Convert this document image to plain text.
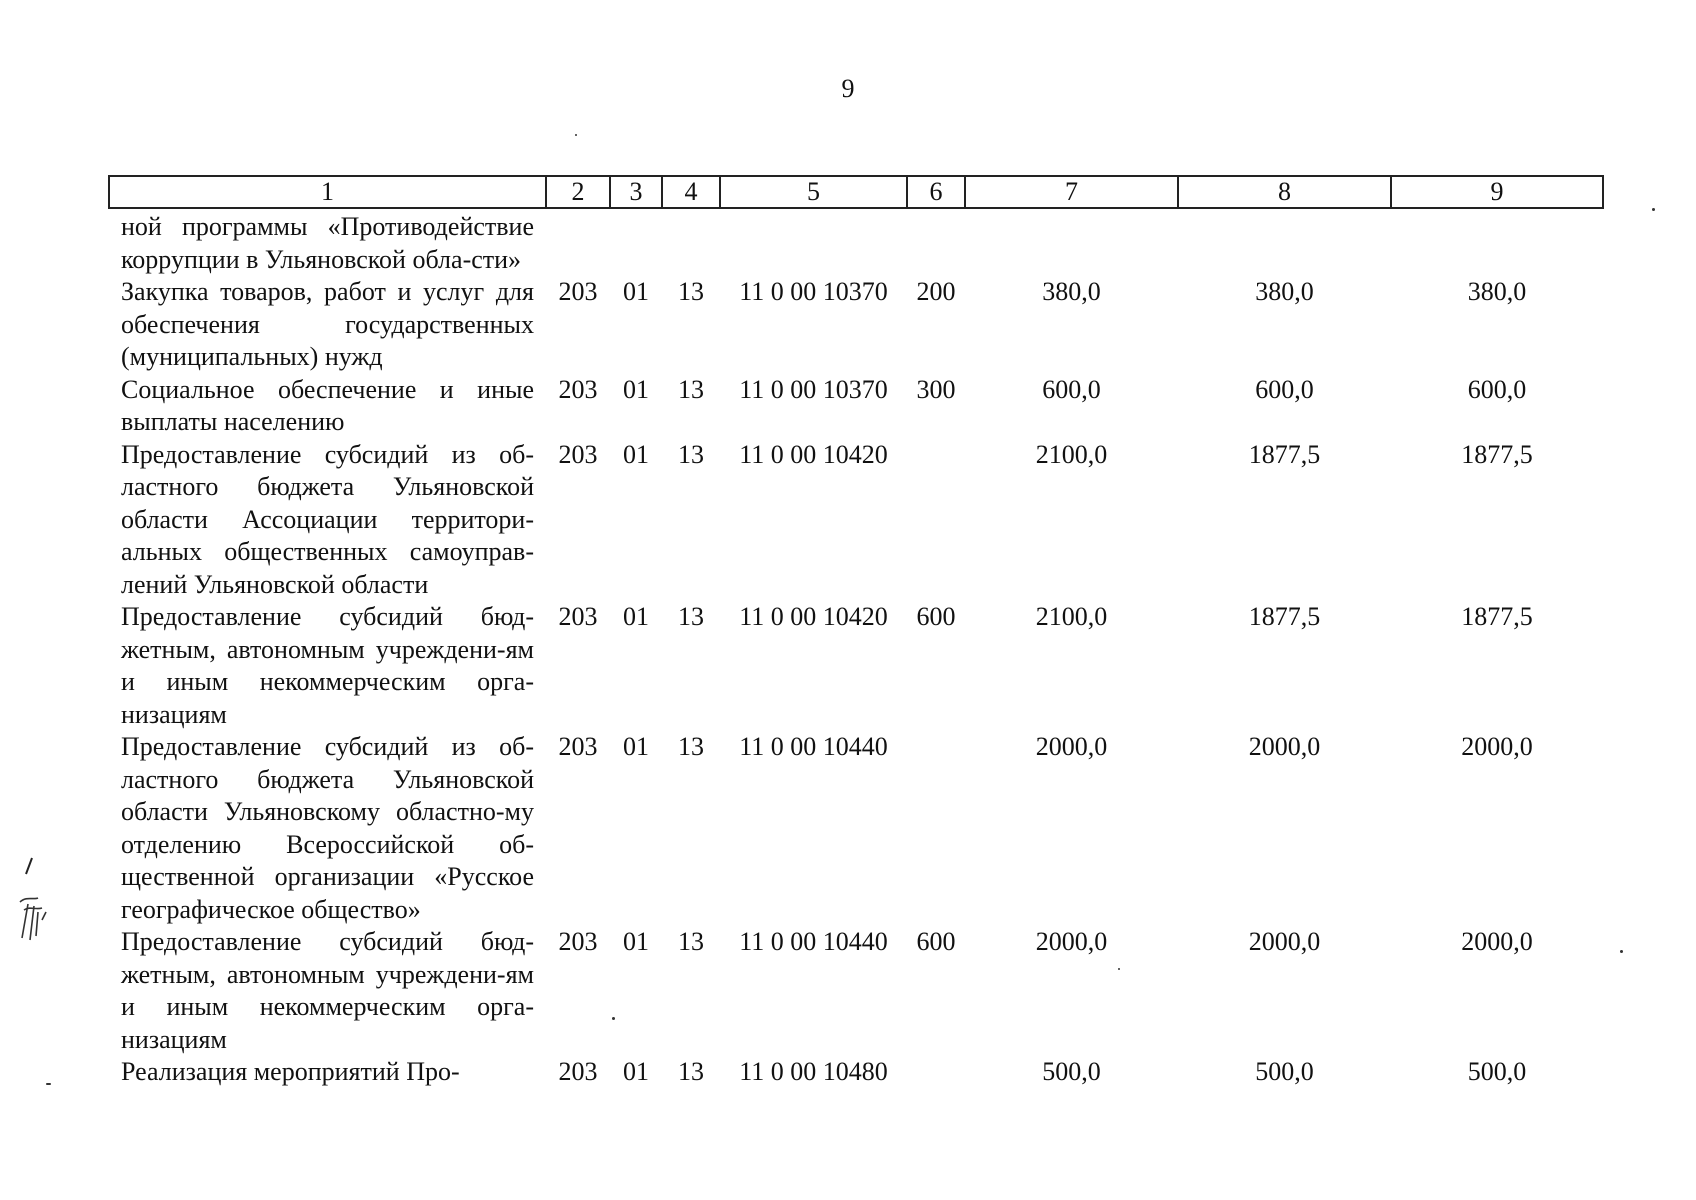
9
1	2	3	4	5	6	7	8	9
ной программы «Противодействие коррупции в Ульяновской обла-сти»								
Закупка товаров, работ и услуг для обеспечения государственных (муниципальных) нужд	203	01	13	11 0 00 10370	200	380,0	380,0	380,0
Социальное обеспечение и иные выплаты населению	203	01	13	11 0 00 10370	300	600,0	600,0	600,0
Предоставление субсидий из об-ластного бюджета Ульяновской области Ассоциации территори-альных общественных самоуправ-лений Ульяновской области	203	01	13	11 0 00 10420		2100,0	1877,5	1877,5
Предоставление субсидий бюд-жетным, автономным учреждени-ям и иным некоммерческим орга-низациям	203	01	13	11 0 00 10420	600	2100,0	1877,5	1877,5
Предоставление субсидий из об-ластного бюджета Ульяновской области Ульяновскому областно-му отделению Всероссийской об-щественной организации «Русское географическое общество»	203	01	13	11 0 00 10440		2000,0	2000,0	2000,0
Предоставление субсидий бюд-жетным, автономным учреждени-ям и иным некоммерческим орга-низациям	203	01	13	11 0 00 10440	600	2000,0	2000,0	2000,0
Реализация мероприятий Про-	203	01	13	11 0 00 10480		500,0	500,0	500,0
